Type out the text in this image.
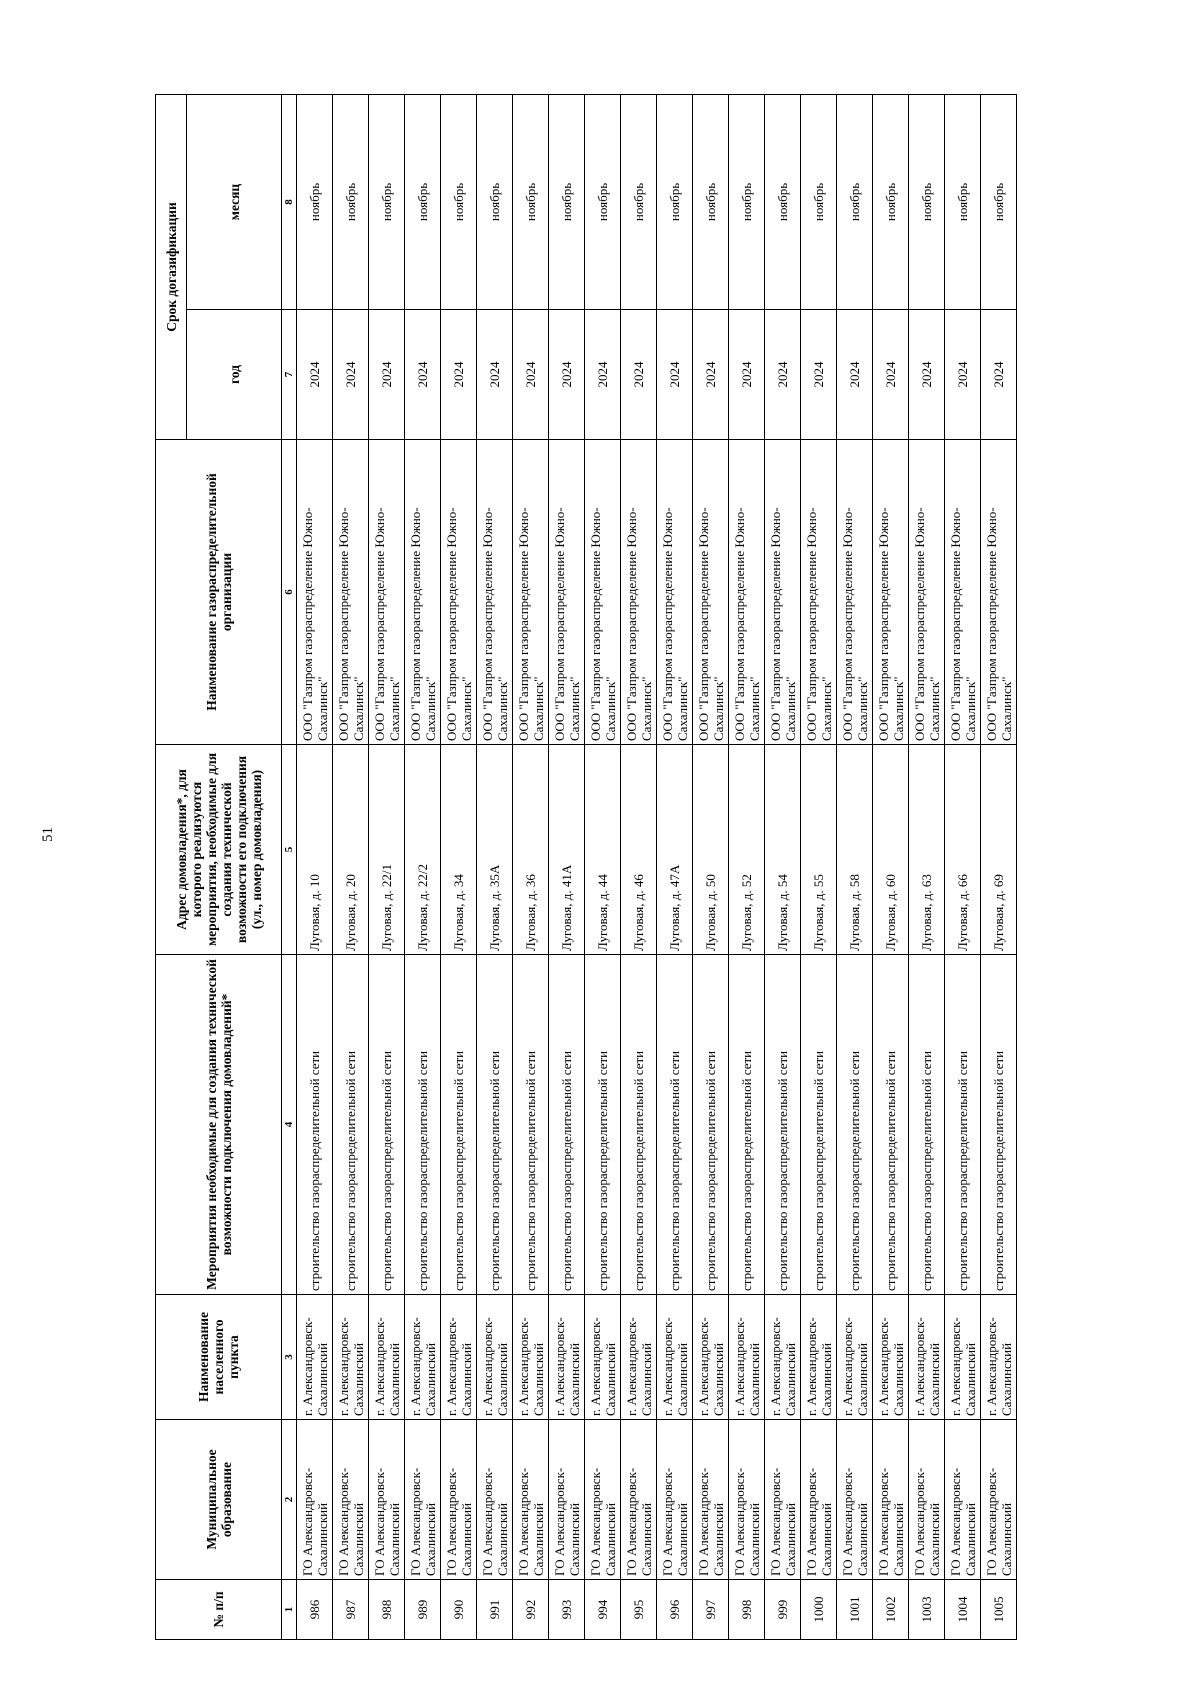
51
№ п/п	Муниципальное образование	Наименование населенного пункта	Мероприятия необходимые для создания технической возможности подключения домовладений*	Адрес домовладения*, для которого реализуются мероприятия, необходимые для создания технической возможности его подключения (ул., номер домовладения)	Наименование газораспределительной организации	Срок догазификации	
						год	месяц
1	2	3	4	5	6	7	8
986	ГО Александровск-Сахалинский	г. Александровск-Сахалинский	строительство газораспределительной сети	Луговая, д. 10	ООО "Газпром газораспределение Южно-Сахалинск"	2024	ноябрь
987	ГО Александровск-Сахалинский	г. Александровск-Сахалинский	строительство газораспределительной сети	Луговая, д. 20	ООО "Газпром газораспределение Южно-Сахалинск"	2024	ноябрь
988	ГО Александровск-Сахалинский	г. Александровск-Сахалинский	строительство газораспределительной сети	Луговая, д. 22/1	ООО "Газпром газораспределение Южно-Сахалинск"	2024	ноябрь
989	ГО Александровск-Сахалинский	г. Александровск-Сахалинский	строительство газораспределительной сети	Луговая, д. 22/2	ООО "Газпром газораспределение Южно-Сахалинск"	2024	ноябрь
990	ГО Александровск-Сахалинский	г. Александровск-Сахалинский	строительство газораспределительной сети	Луговая, д. 34	ООО "Газпром газораспределение Южно-Сахалинск"	2024	ноябрь
991	ГО Александровск-Сахалинский	г. Александровск-Сахалинский	строительство газораспределительной сети	Луговая, д. 35А	ООО "Газпром газораспределение Южно-Сахалинск"	2024	ноябрь
992	ГО Александровск-Сахалинский	г. Александровск-Сахалинский	строительство газораспределительной сети	Луговая, д. 36	ООО "Газпром газораспределение Южно-Сахалинск"	2024	ноябрь
993	ГО Александровск-Сахалинский	г. Александровск-Сахалинский	строительство газораспределительной сети	Луговая, д. 41А	ООО "Газпром газораспределение Южно-Сахалинск"	2024	ноябрь
994	ГО Александровск-Сахалинский	г. Александровск-Сахалинский	строительство газораспределительной сети	Луговая, д. 44	ООО "Газпром газораспределение Южно-Сахалинск"	2024	ноябрь
995	ГО Александровск-Сахалинский	г. Александровск-Сахалинский	строительство газораспределительной сети	Луговая, д. 46	ООО "Газпром газораспределение Южно-Сахалинск"	2024	ноябрь
996	ГО Александровск-Сахалинский	г. Александровск-Сахалинский	строительство газораспределительной сети	Луговая, д. 47А	ООО "Газпром газораспределение Южно-Сахалинск"	2024	ноябрь
997	ГО Александровск-Сахалинский	г. Александровск-Сахалинский	строительство газораспределительной сети	Луговая, д. 50	ООО "Газпром газораспределение Южно-Сахалинск"	2024	ноябрь
998	ГО Александровск-Сахалинский	г. Александровск-Сахалинский	строительство газораспределительной сети	Луговая, д. 52	ООО "Газпром газораспределение Южно-Сахалинск"	2024	ноябрь
999	ГО Александровск-Сахалинский	г. Александровск-Сахалинский	строительство газораспределительной сети	Луговая, д. 54	ООО "Газпром газораспределение Южно-Сахалинск"	2024	ноябрь
1000	ГО Александровск-Сахалинский	г. Александровск-Сахалинский	строительство газораспределительной сети	Луговая, д. 55	ООО "Газпром газораспределение Южно-Сахалинск"	2024	ноябрь
1001	ГО Александровск-Сахалинский	г. Александровск-Сахалинский	строительство газораспределительной сети	Луговая, д. 58	ООО "Газпром газораспределение Южно-Сахалинск"	2024	ноябрь
1002	ГО Александровск-Сахалинский	г. Александровск-Сахалинский	строительство газораспределительной сети	Луговая, д. 60	ООО "Газпром газораспределение Южно-Сахалинск"	2024	ноябрь
1003	ГО Александровск-Сахалинский	г. Александровск-Сахалинский	строительство газораспределительной сети	Луговая, д. 63	ООО "Газпром газораспределение Южно-Сахалинск"	2024	ноябрь
1004	ГО Александровск-Сахалинский	г. Александровск-Сахалинский	строительство газораспределительной сети	Луговая, д. 66	ООО "Газпром газораспределение Южно-Сахалинск"	2024	ноябрь
1005	ГО Александровск-Сахалинский	г. Александровск-Сахалинский	строительство газораспределительной сети	Луговая, д. 69	ООО "Газпром газораспределение Южно-Сахалинск"	2024	ноябрь
